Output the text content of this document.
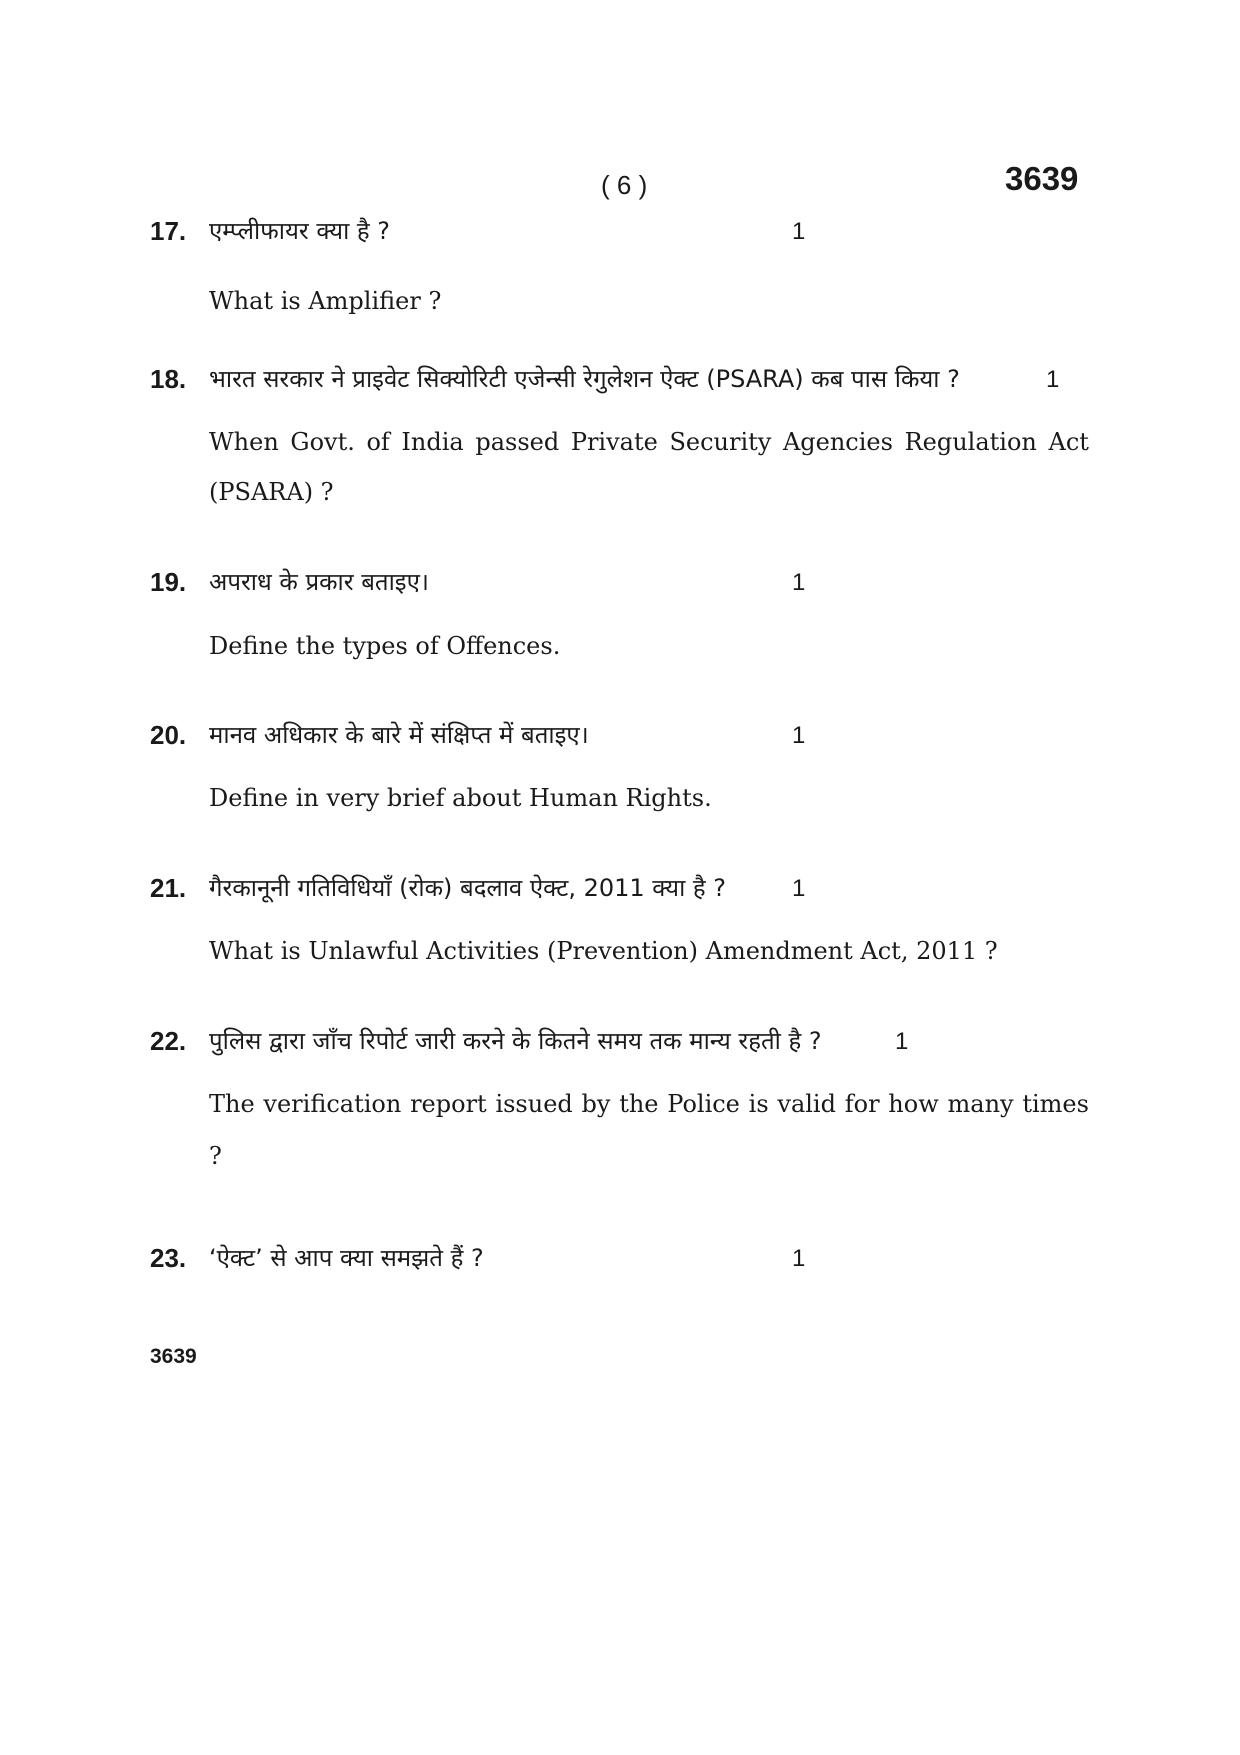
( 6 )	3639
17. एम्प्लीफायर क्या है ?	1
What is Amplifier ?
18. भारत सरकार ने प्राइवेट सिक्योरिटी एजेन्सी रेगुलेशन ऐक्ट (PSARA) कब पास किया ?	1
When Govt. of India passed Private Security Agencies Regulation Act
(PSARA) ?
19. अपराध के प्रकार बताइए।	1
Define the types of Offences.
20. मानव अधिकार के बारे में संक्षिप्त में बताइए।	1
Define in very brief about Human Rights.
21. गैरकानूनी गतिविधियाँ (रोक) बदलाव ऐक्ट, 2011 क्या है ?	1
What is Unlawful Activities (Prevention) Amendment Act, 2011 ?
22. पुलिस द्वारा जाँच रिपोर्ट जारी करने के कितने समय तक मान्य रहती है ?	1
The verification report issued by the Police is valid for how many times
?
23. ‘ऐक्ट’ से आप क्या समझते हैं ?	1
3639
